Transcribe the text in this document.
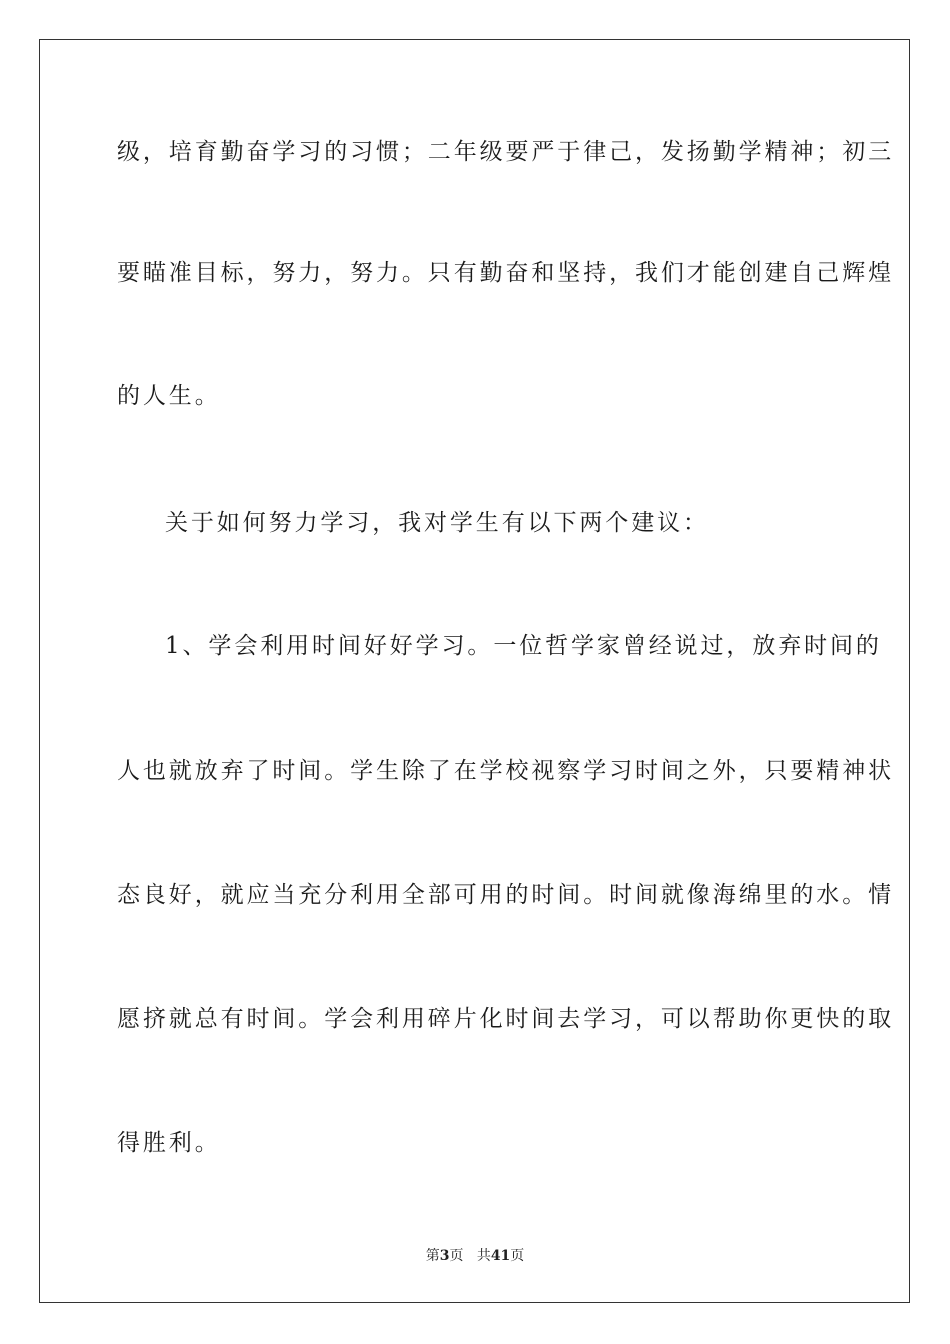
级，培育勤奋学习的习惯；二年级要严于律己，发扬勤学精神；初三
要瞄准目标，努力，努力。只有勤奋和坚持，我们才能创建自己辉煌
的人生。
关于如何努力学习，我对学生有以下两个建议：
1、学会利用时间好好学习。一位哲学家曾经说过，放弃时间的
人也就放弃了时间。学生除了在学校视察学习时间之外，只要精神状
态良好，就应当充分利用全部可用的时间。时间就像海绵里的水。情
愿挤就总有时间。学会利用碎片化时间去学习，可以帮助你更快的取
得胜利。
第3页 共41页
